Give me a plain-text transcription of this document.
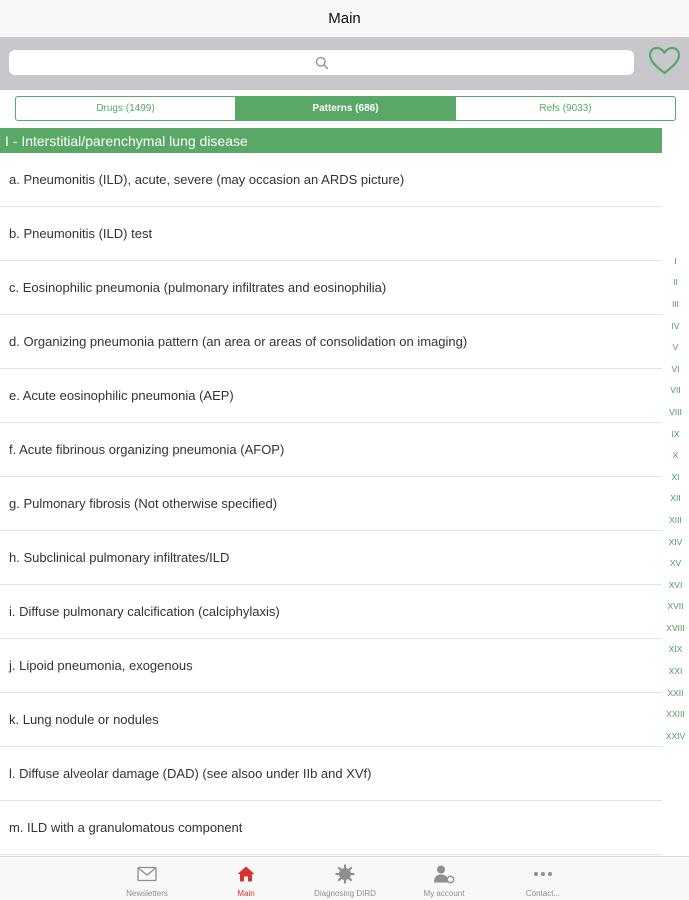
Main
Drugs (1499)	Patterns (686)	Refs (9033)
I - Interstitial/parenchymal lung disease
a. Pneumonitis (ILD), acute, severe (may occasion an ARDS picture)
b. Pneumonitis (ILD) test
c. Eosinophilic pneumonia (pulmonary infiltrates and eosinophilia)
d. Organizing pneumonia pattern (an area or areas of consolidation on imaging)
e. Acute eosinophilic pneumonia (AEP)
f. Acute fibrinous organizing pneumonia (AFOP)
g. Pulmonary fibrosis (Not otherwise specified)
h. Subclinical pulmonary infiltrates/ILD
i. Diffuse pulmonary calcification (calciphylaxis)
j. Lipoid pneumonia, exogenous
k. Lung nodule or nodules
l. Diffuse alveolar damage (DAD) (see alsoo under IIb and XVf)
m. ILD with a granulomatous component
I
II
III
IV
V
VI
VII
VIII
IX
X
XI
XII
XIII
XIV
XV
XVI
XVII
XVIII
XIX
XXI
XXII
XXIII
XXIV
Newsletters	Main	Diagnosing DIRD	My account	Contact...
